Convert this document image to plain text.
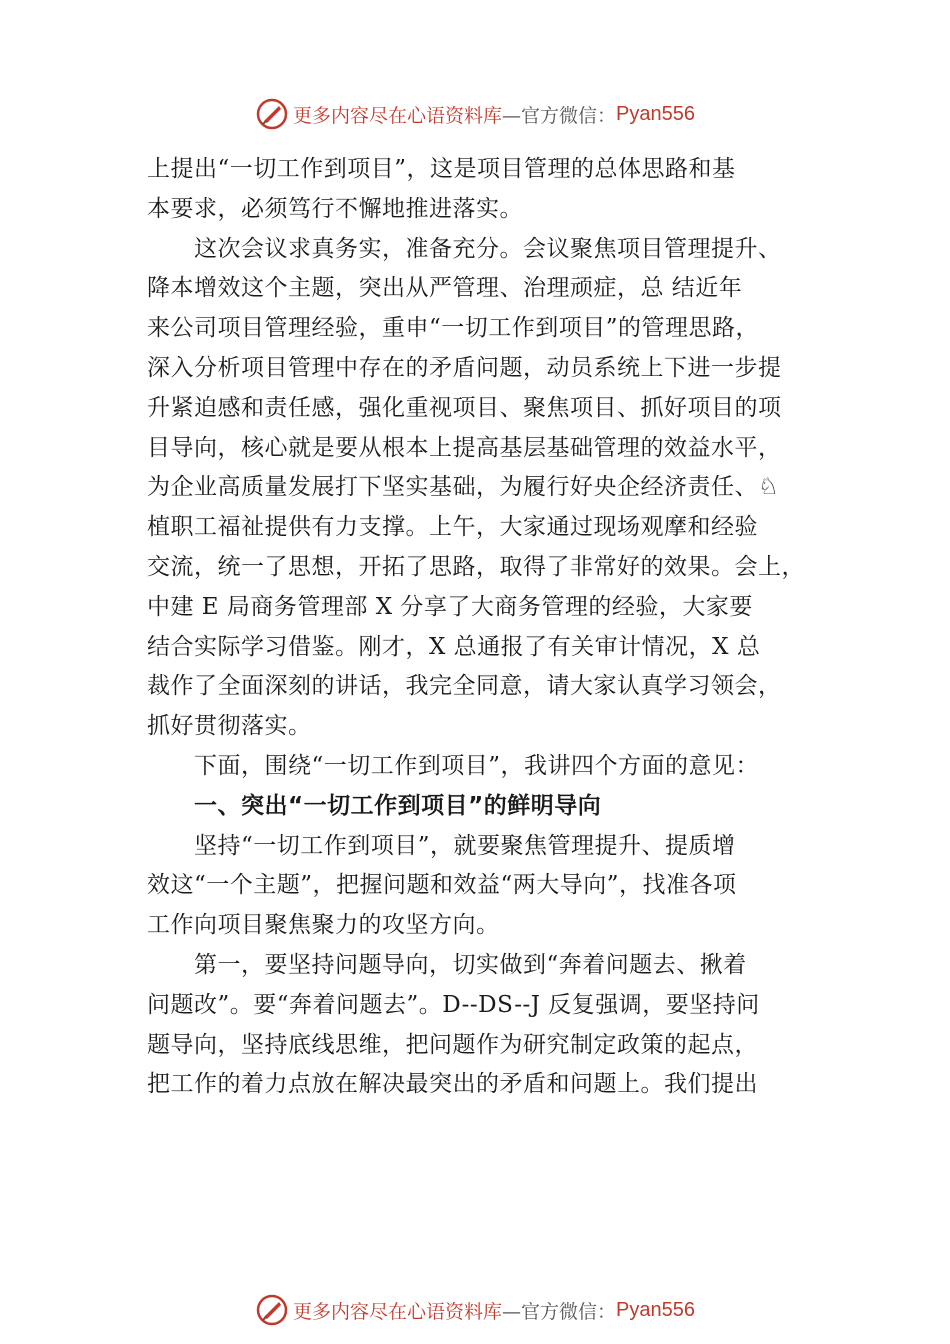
更多内容尽在心语资料库 —官方微信： Pyan556
上提出“一切工作到项目”，这是项目管理的总体思路和基
本要求，必须笃行不懈地推进落实。
　　这次会议求真务实，准备充分。会议聚焦项目管理提升、
降本增效这个主题，突出从严管理、治理顽症，总 结近年
来公司项目管理经验，重申“一切工作到项目”的管理思路，
深入分析项目管理中存在的矛盾问题，动员系统上下进一步提
升紧迫感和责任感，强化重视项目、聚焦项目、抓好项目的项
目导向，核心就是要从根本上提高基层基础管理的效益水平，
为企业高质量发展打下坚实基础，为履行好央企经济责任、♘
植职工福祉提供有力支撑。上午，大家通过现场观摩和经验
交流，统一了思想，开拓了思路，取得了非常好的效果。会上，
中建 E 局商务管理部 X 分享了大商务管理的经验，大家要
结合实际学习借鉴。刚才，X 总通报了有关审计情况，X 总
裁作了全面深刻的讲话，我完全同意，请大家认真学习领会，
抓好贯彻落实。
　　下面，围绕“一切工作到项目”，我讲四个方面的意见：
　　一、突出“一切工作到项目”的鲜明导向
　　坚持“一切工作到项目”，就要聚焦管理提升、提质增
效这“一个主题”，把握问题和效益“两大导向”，找准各项
工作向项目聚焦聚力的攻坚方向。
　　第一，要坚持问题导向，切实做到“奔着问题去、揪着
问题改”。要“奔着问题去”。D--DS--J 反复强调，要坚持问
题导向，坚持底线思维，把问题作为研究制定政策的起点，
把工作的着力点放在解决最突出的矛盾和问题上。我们提出
更多内容尽在心语资料库 —官方微信： Pyan556
